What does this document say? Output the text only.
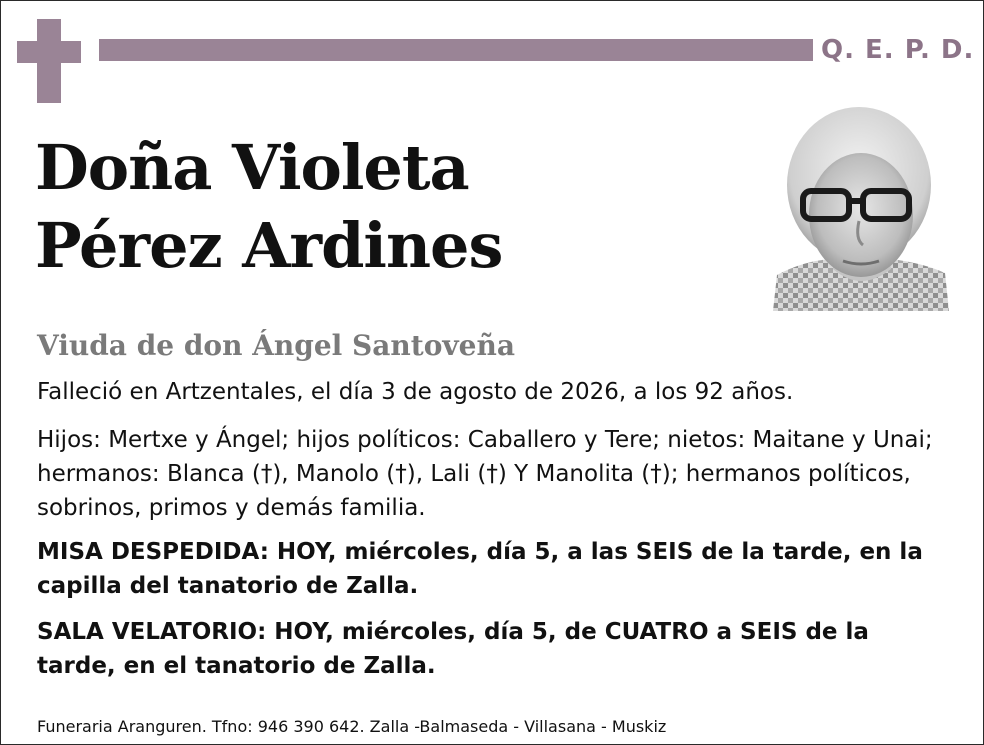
Q. E. P. D.
Doña Violeta
Pérez Ardines
Viuda de don Ángel Santoveña

Falleció en Artzentales, el día 3 de agosto de 2026, a los 92 años.

Hijos: Mertxe y Ángel; hijos políticos: Caballero y Tere; nietos: Maitane y Unai; hermanos: Blanca (†), Manolo (†), Lali (†) Y Manolita (†); hermanos políticos, sobrinos, primos y demás familia.

MISA DESPEDIDA: HOY, miércoles, día 5, a las SEIS de la tarde, en la capilla del tanatorio de Zalla.

SALA VELATORIO: HOY, miércoles, día 5, de CUATRO a SEIS de la tarde, en el tanatorio de Zalla.

Funeraria Aranguren. Tfno: 946 390 642. Zalla -Balmaseda - Villasana - Muskiz
